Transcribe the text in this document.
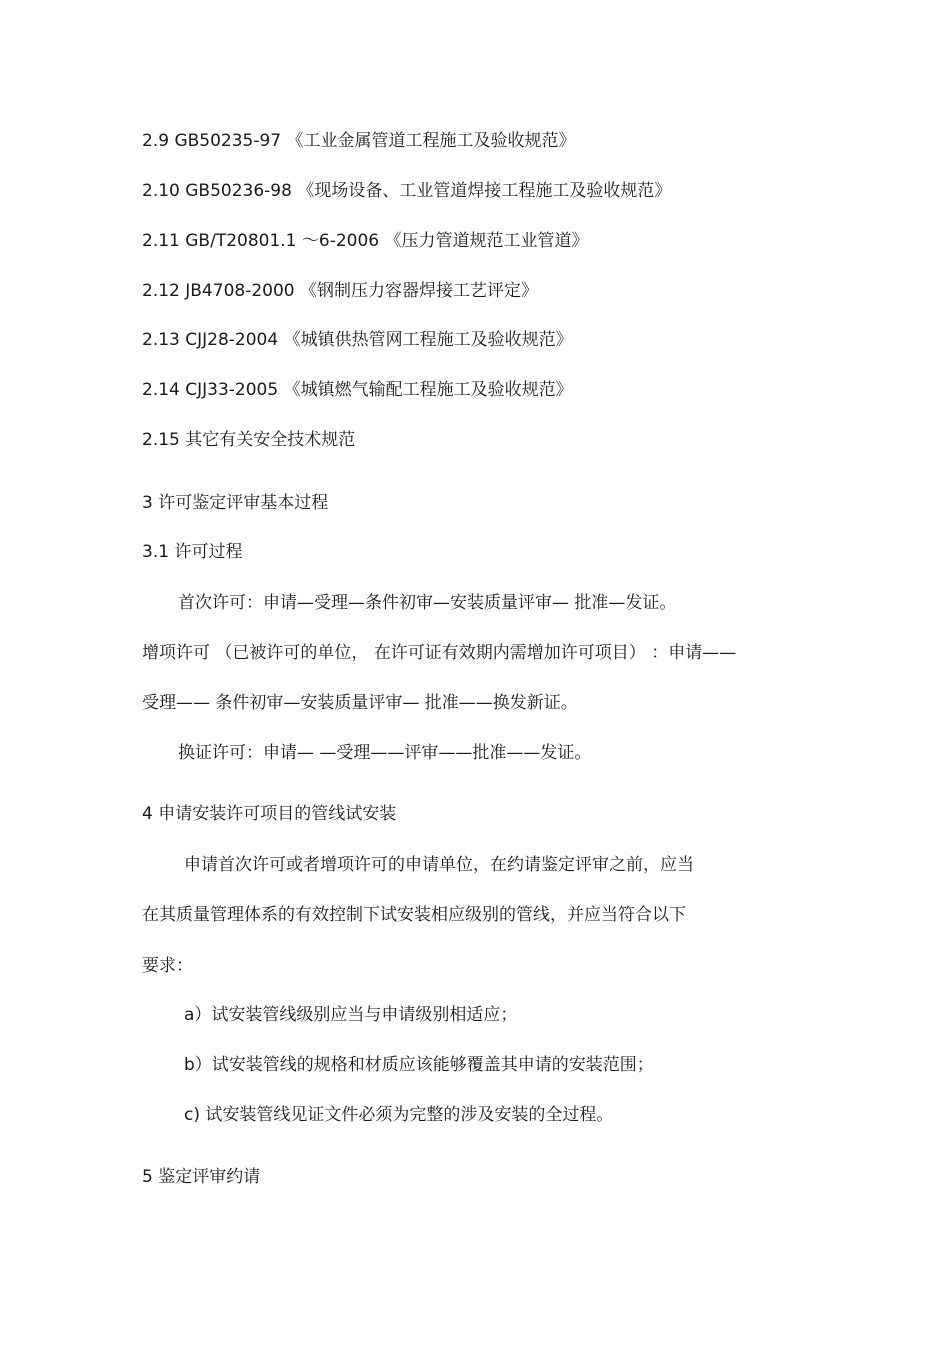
2.9 GB50235-97 《工业金属管道工程施工及验收规范》
2.10 GB50236-98 《现场设备、工业管道焊接工程施工及验收规范》
2.11 GB/T20801.1 ～6-2006 《压力管道规范工业管道》
2.12 JB4708-2000 《钢制压力容器焊接工艺评定》
2.13 CJJ28-2004 《城镇供热管网工程施工及验收规范》
2.14 CJJ33-2005 《城镇燃气输配工程施工及验收规范》
2.15 其它有关安全技术规范
3 许可鉴定评审基本过程
3.1 许可过程
首次许可：申请—受理—条件初审—安装质量评审— 批准—发证。
增项许可 （已被许可的单位， 在许可证有效期内需增加许可项目） ：申请——
受理—— 条件初审—安装质量评审— 批准——换发新证。
换证许可：申请— —受理——评审——批准——发证。
4 申请安装许可项目的管线试安装
申请首次许可或者增项许可的申请单位，在约请鉴定评审之前，应当
在其质量管理体系的有效控制下试安装相应级别的管线，并应当符合以下
要求：
a）试安装管线级别应当与申请级别相适应；
b）试安装管线的规格和材质应该能够覆盖其申请的安装范围；
c) 试安装管线见证文件必须为完整的涉及安装的全过程。
5 鉴定评审约请
